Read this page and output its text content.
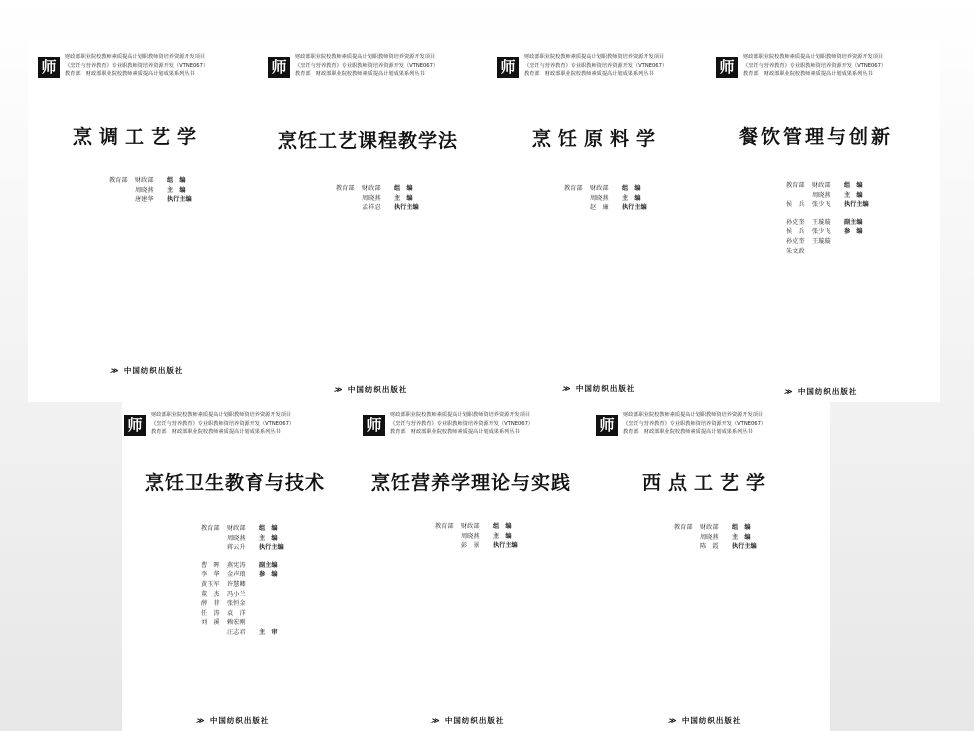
师
财政部职业院校教师素质提高计划职教师资培养资源开发项目
《烹饪与营养教育》专业职教师资培养资源开发（VTNE067）
教育部　财政部职业院校教师素质提高计划成果系列丛书
烹调工艺学
教育部 财政部 组　编
周晓燕 主　编
唐建华 执行主编
≫ 中国纺织出版社
师
财政部职业院校教师素质提高计划职教师资培养资源开发项目
《烹饪与营养教育》专业职教师资培养资源开发（VTNE067）
教育部　财政部职业院校教师素质提高计划成果系列丛书
烹饪工艺课程教学法
教育部 财政部 组　编
周晓燕 主　编
孟祥忍 执行主编
≫ 中国纺织出版社
师
财政部职业院校教师素质提高计划职教师资培养资源开发项目
《烹饪与营养教育》专业职教师资培养资源开发（VTNE067）
教育部　财政部职业院校教师素质提高计划成果系列丛书
烹饪原料学
教育部 财政部 组　编
周晓燕 主　编
赵　廉 执行主编
≫ 中国纺织出版社
师
财政部职业院校教师素质提高计划职教师资培养资源开发项目
《烹饪与营养教育》专业职教师资培养资源开发（VTNE067）
教育部　财政部职业院校教师素质提高计划成果系列丛书
餐饮管理与创新
教育部 财政部 组　编
周晓燕 主　编
侯　兵 张少飞 执行主编
孙克奎 王璇璇 副主编
侯　兵 张少飞 参　编
孙克奎 王璇璇
朱文政
≫ 中国纺织出版社
师
财政部职业院校教师素质提高计划职教师资培养资源开发项目
《烹饪与营养教育》专业职教师资培养资源开发（VTNE067）
教育部　财政部职业院校教师素质提高计划成果系列丛书
烹饪卫生教育与技术
教育部 财政部 组　编
周晓燕 主　编
蒋云升 执行主编
曹　晖 燕宪涛 副主编
李　华 金声琅 参　编
黄玉军 许慧卿
董　杰 冯小兰
薛　菲 张恒金
任　涛 袁　洋
刘　溪 赖宏刚
汪志君 主　审
≫ 中国纺织出版社
师
财政部职业院校教师素质提高计划职教师资培养资源开发项目
《烹饪与营养教育》专业职教师资培养资源开发（VTNE067）
教育部　财政部职业院校教师素质提高计划成果系列丛书
烹饪营养学理论与实践
教育部 财政部 组　编
周晓燕 主　编
彭　景 执行主编
≫ 中国纺织出版社
师
财政部职业院校教师素质提高计划职教师资培养资源开发项目
《烹饪与营养教育》专业职教师资培养资源开发（VTNE067）
教育部　财政部职业院校教师素质提高计划成果系列丛书
西点工艺学
教育部 财政部 组　编
周晓燕 主　编
陈　霞 执行主编
≫ 中国纺织出版社
